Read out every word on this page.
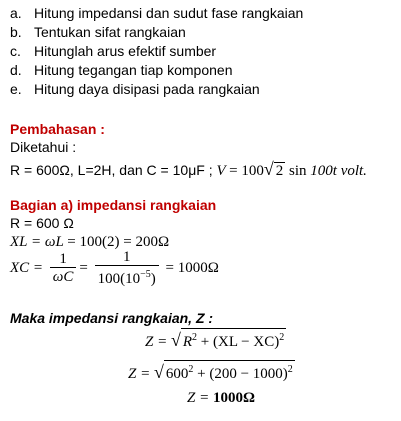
a. Hitung impedansi dan sudut fase rangkaian
b. Tentukan sifat rangkaian
c. Hitunglah arus efektif sumber
d. Hitung tegangan tiap komponen
e. Hitung daya disipasi pada rangkaian
Pembahasan :
Diketahui :
R = 600Ω, L=2H, dan C = 10μF ; V = 100√ 2 sin 100t volt.
Bagian a) impedansi rangkaian
R = 600 Ω
XL = ωL = 100(2) = 200Ω
XC = $\frac{1}{\omega C} = \frac{1}{100(10^{-5})} = 1000\Omega$
Maka impedansi rangkaian, Z :
Z = √ $R^2 + (XL - XC)^2$
Z = √ $600^2 + (200 - 1000)^2$
Z = 1000Ω
